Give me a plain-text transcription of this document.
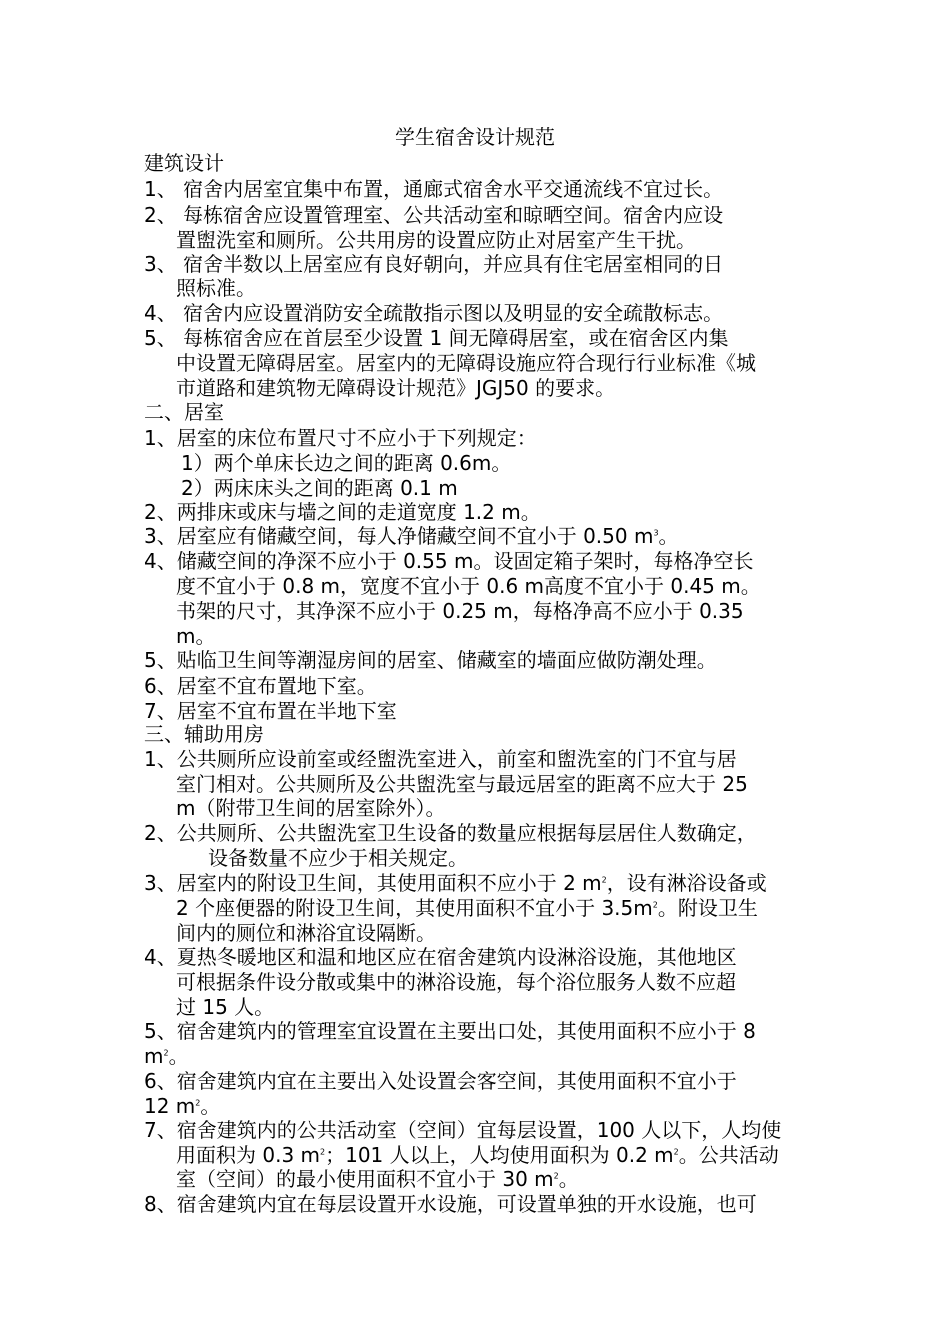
学生宿舍设计规范
建筑设计
1、 宿舍内居室宜集中布置，通廊式宿舍水平交通流线不宜过长。
2、 每栋宿舍应设置管理室、公共活动室和晾晒空间。宿舍内应设
置盥洗室和厕所。公共用房的设置应防止对居室产生干扰。
3、 宿舍半数以上居室应有良好朝向，并应具有住宅居室相同的日
照标准。
4、 宿舍内应设置消防安全疏散指示图以及明显的安全疏散标志。
5、 每栋宿舍应在首层至少设置 1 间无障碍居室，或在宿舍区内集
中设置无障碍居室。居室内的无障碍设施应符合现行行业标准《城
市道路和建筑物无障碍设计规范》JGJ50 的要求。
二、居室
1、居室的床位布置尺寸不应小于下列规定：
1）两个单床长边之间的距离 0.6m。
2）两床床头之间的距离 0.1 m
2、两排床或床与墙之间的走道宽度 1.2 m。
3、居室应有储藏空间，每人净储藏空间不宜小于 0.50 $m^3$。
4、储藏空间的净深不应小于 0.55 m。设固定箱子架时，每格净空长
度不宜小于 0.8 m，宽度不宜小于 0.6 m高度不宜小于 0.45 m。
书架的尺寸，其净深不应小于 0.25 m，每格净高不应小于 0.35
m。
5、贴临卫生间等潮湿房间的居室、储藏室的墙面应做防潮处理。
6、居室不宜布置地下室。
7、居室不宜布置在半地下室
三、辅助用房
1、公共厕所应设前室或经盥洗室进入，前室和盥洗室的门不宜与居
室门相对。公共厕所及公共盥洗室与最远居室的距离不应大于 25
m（附带卫生间的居室除外）。
2、公共厕所、公共盥洗室卫生设备的数量应根据每层居住人数确定，
设备数量不应少于相关规定。
3、居室内的附设卫生间，其使用面积不应小于 2 $m^2$，设有淋浴设备或
2 个座便器的附设卫生间，其使用面积不宜小于 $3.5m^2$。附设卫生
间内的厕位和淋浴宜设隔断。
4、夏热冬暖地区和温和地区应在宿舍建筑内设淋浴设施，其他地区
可根据条件设分散或集中的淋浴设施，每个浴位服务人数不应超
过 15 人。
5、宿舍建筑内的管理室宜设置在主要出口处，其使用面积不应小于 8
$m^2$。
6、宿舍建筑内宜在主要出入处设置会客空间，其使用面积不宜小于
12 $m^2$。
7、宿舍建筑内的公共活动室（空间）宜每层设置，100 人以下，人均使
用面积为 0.3 $m^2$；101 人以上，人均使用面积为 0.2 $m^2$。公共活动
室（空间）的最小使用面积不宜小于 30 $m^2$。
8、宿舍建筑内宜在每层设置开水设施，可设置单独的开水设施，也可
